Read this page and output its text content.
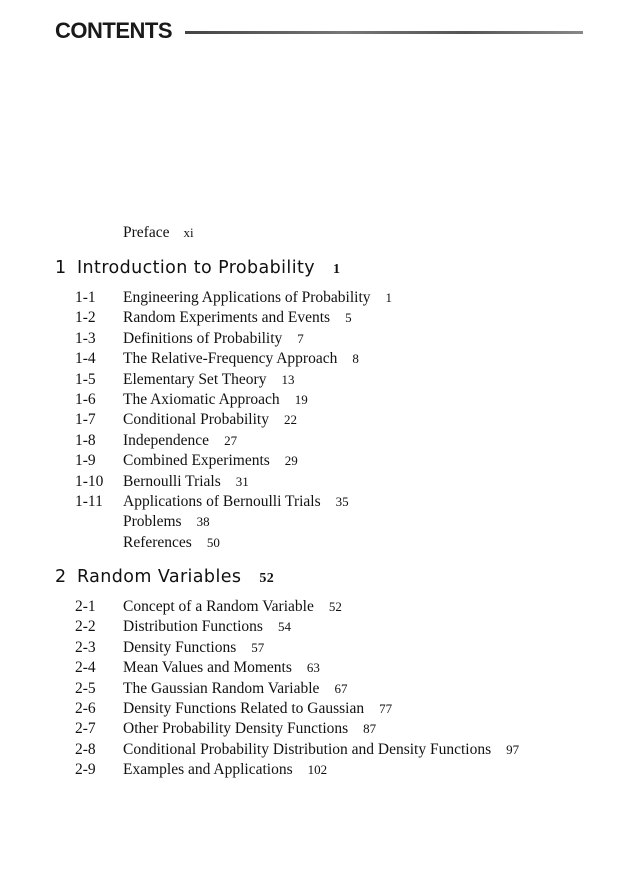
CONTENTS
Preface xi
1 Introduction to Probability 1
1-1 Engineering Applications of Probability 1
1-2 Random Experiments and Events 5
1-3 Definitions of Probability 7
1-4 The Relative-Frequency Approach 8
1-5 Elementary Set Theory 13
1-6 The Axiomatic Approach 19
1-7 Conditional Probability 22
1-8 Independence 27
1-9 Combined Experiments 29
1-10 Bernoulli Trials 31
1-11 Applications of Bernoulli Trials 35
Problems 38
References 50
2 Random Variables 52
2-1 Concept of a Random Variable 52
2-2 Distribution Functions 54
2-3 Density Functions 57
2-4 Mean Values and Moments 63
2-5 The Gaussian Random Variable 67
2-6 Density Functions Related to Gaussian 77
2-7 Other Probability Density Functions 87
2-8 Conditional Probability Distribution and Density Functions 97
2-9 Examples and Applications 102
